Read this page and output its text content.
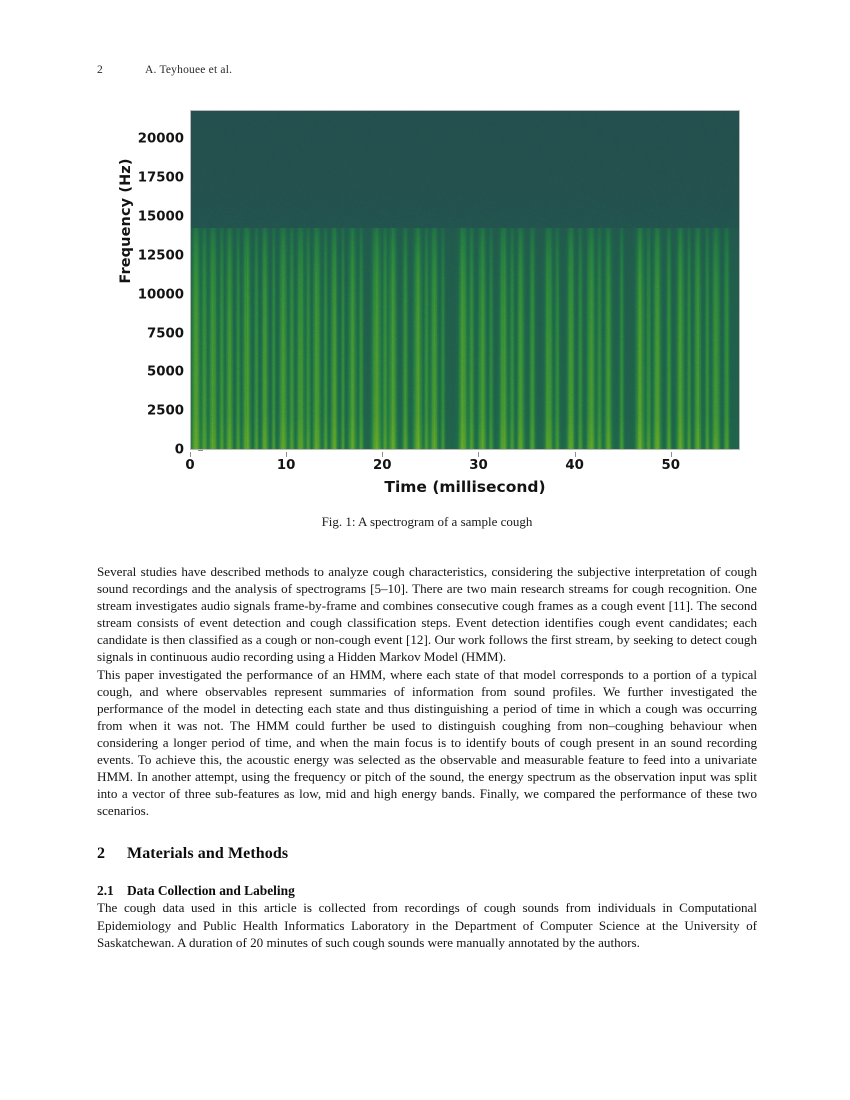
2	A. Teyhouee et al.
Frequency (Hz)
0
2500
5000
7500
10000
12500
15000
17500
20000
0	10	20	30	40	50
Time (millisecond)
Fig. 1: A spectrogram of a sample cough

Several studies have described methods to analyze cough characteristics, considering the subjective interpretation of cough sound recordings and the analysis of spectrograms [5–10]. There are two main research streams for cough recognition. One stream investigates audio signals frame-by-frame and combines consecutive cough frames as a cough event [11]. The second stream consists of event detection and cough classification steps. Event detection identifies cough event candidates; each candidate is then classified as a cough or non-cough event [12]. Our work follows the first stream, by seeking to detect cough signals in continuous audio recording using a Hidden Markov Model (HMM).

This paper investigated the performance of an HMM, where each state of that model corresponds to a portion of a typical cough, and where observables represent summaries of information from sound profiles. We further investigated the performance of the model in detecting each state and thus distinguishing a period of time in which a cough was occurring from when it was not. The HMM could further be used to distinguish coughing from non–coughing behaviour when considering a longer period of time, and when the main focus is to identify bouts of cough present in an sound recording events. To achieve this, the acoustic energy was selected as the observable and measurable feature to feed into a univariate HMM. In another attempt, using the frequency or pitch of the sound, the energy spectrum as the observation input was split into a vector of three sub-features as low, mid and high energy bands. Finally, we compared the performance of these two scenarios.

2 Materials and Methods
2.1 Data Collection and Labeling

The cough data used in this article is collected from recordings of cough sounds from individuals in Computational Epidemiology and Public Health Informatics Laboratory in the Department of Computer Science at the University of Saskatchewan. A duration of 20 minutes of such cough sounds were manually annotated by the authors.
